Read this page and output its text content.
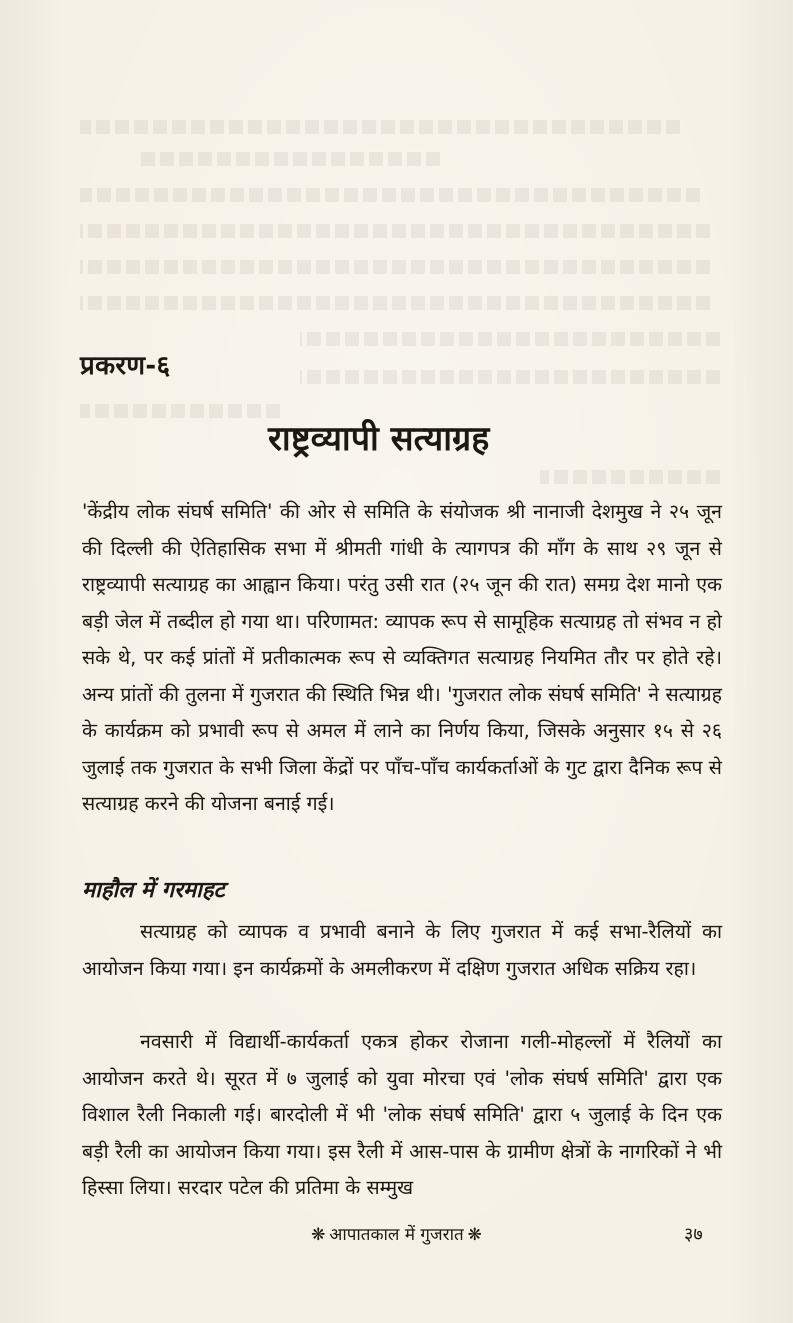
प्रकरण-६
राष्ट्रव्यापी सत्याग्रह

'केंद्रीय लोक संघर्ष समिति' की ओर से समिति के संयोजक श्री नानाजी देशमुख ने २५ जून की दिल्ली की ऐतिहासिक सभा में श्रीमती गांधी के त्यागपत्र की माँग के साथ २९ जून से राष्ट्रव्यापी सत्याग्रह का आह्वान किया। परंतु उसी रात (२५ जून की रात) समग्र देश मानो एक बड़ी जेल में तब्दील हो गया था। परिणामत: व्यापक रूप से सामूहिक सत्याग्रह तो संभव न हो सके थे, पर कई प्रांतों में प्रतीकात्मक रूप से व्यक्तिगत सत्याग्रह नियमित तौर पर होते रहे। अन्य प्रांतों की तुलना में गुजरात की स्थिति भिन्न थी। 'गुजरात लोक संघर्ष समिति' ने सत्याग्रह के कार्यक्रम को प्रभावी रूप से अमल में लाने का निर्णय किया, जिसके अनुसार १५ से २६ जुलाई तक गुजरात के सभी जिला केंद्रों पर पाँच-पाँच कार्यकर्ताओं के गुट द्वारा दैनिक रूप से सत्याग्रह करने की योजना बनाई गई।

माहौल में गरमाहट

सत्याग्रह को व्यापक व प्रभावी बनाने के लिए गुजरात में कई सभा-रैलियों का आयोजन किया गया। इन कार्यक्रमों के अमलीकरण में दक्षिण गुजरात अधिक सक्रिय रहा।

नवसारी में विद्यार्थी-कार्यकर्ता एकत्र होकर रोजाना गली-मोहल्लों में रैलियों का आयोजन करते थे। सूरत में ७ जुलाई को युवा मोरचा एवं 'लोक संघर्ष समिति' द्वारा एक विशाल रैली निकाली गई। बारदोली में भी 'लोक संघर्ष समिति' द्वारा ५ जुलाई के दिन एक बड़ी रैली का आयोजन किया गया। इस रैली में आस-पास के ग्रामीण क्षेत्रों के नागरिकों ने भी हिस्सा लिया। सरदार पटेल की प्रतिमा के सम्मुख

❋ आपातकाल में गुजरात ❋	३७
